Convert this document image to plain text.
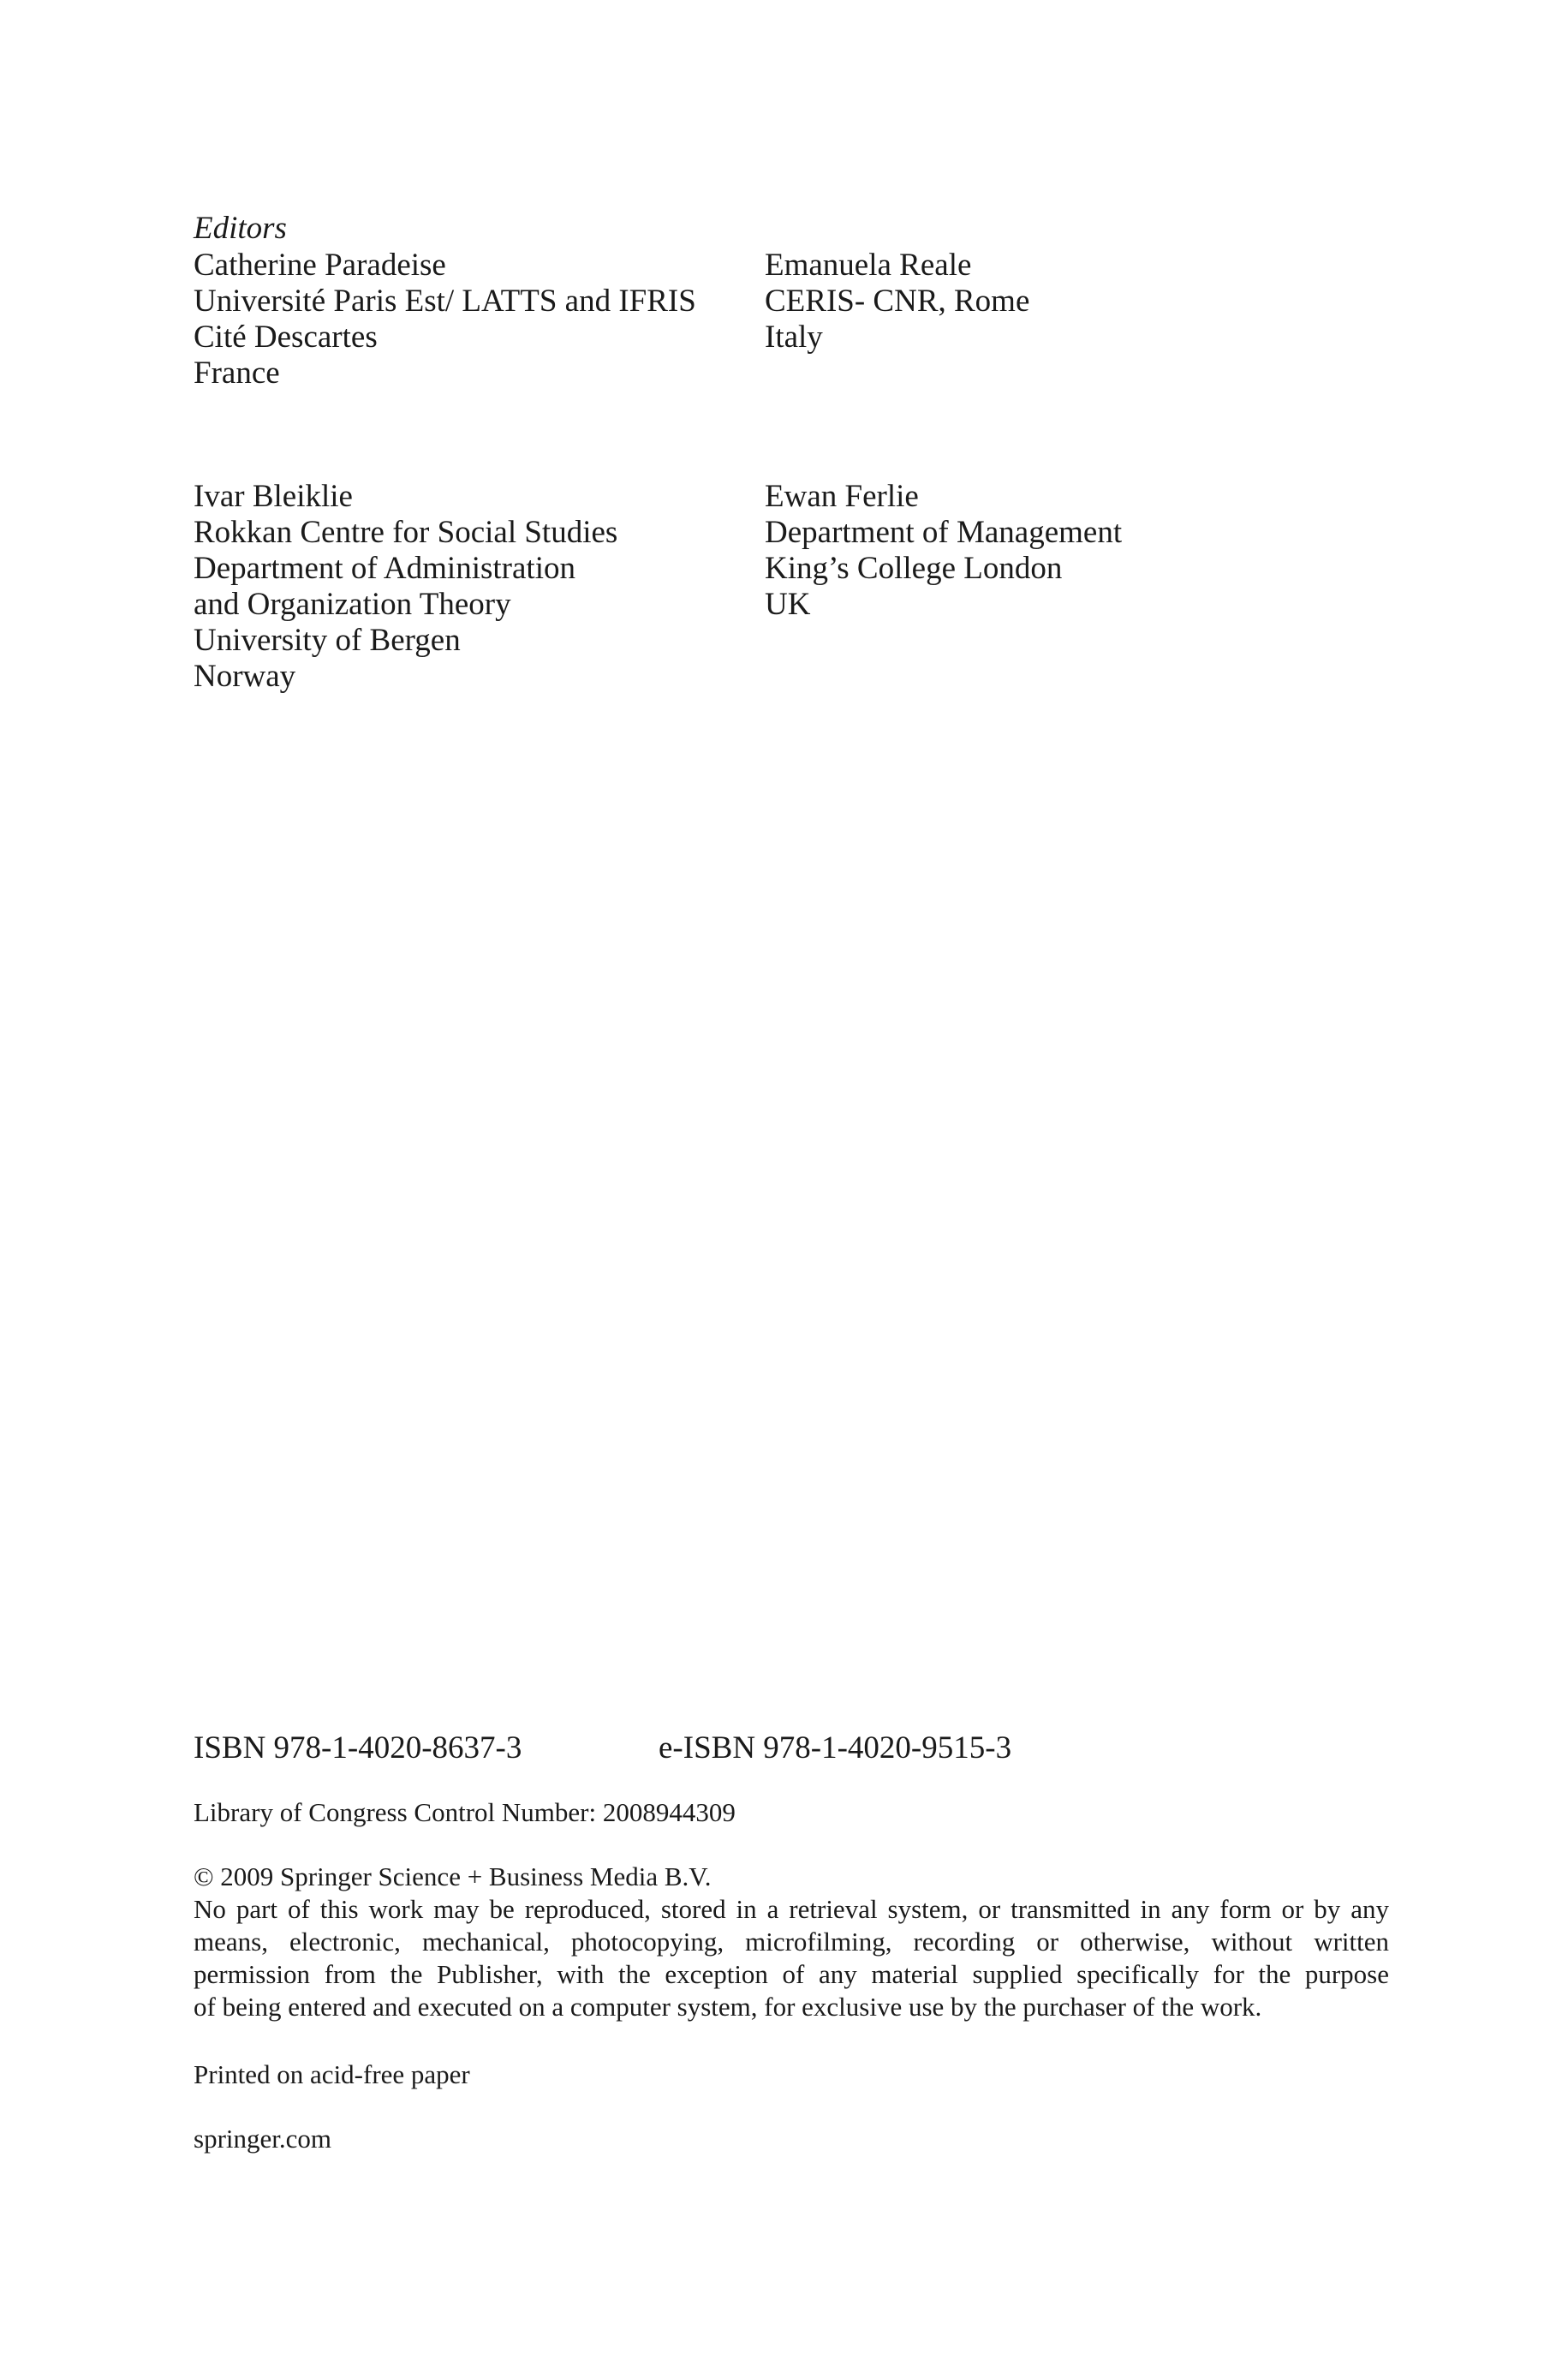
Editors
Catherine Paradeise
Université Paris Est/ LATTS and IFRIS
Cité Descartes
France
Emanuela Reale
CERIS- CNR, Rome
Italy
Ivar Bleiklie
Rokkan Centre for Social Studies
Department of Administration
and Organization Theory
University of Bergen
Norway
Ewan Ferlie
Department of Management
King’s College London
UK
ISBN 978-1-4020-8637-3	e-ISBN 978-1-4020-9515-3
Library of Congress Control Number: 2008944309
© 2009 Springer Science + Business Media B.V.
No part of this work may be reproduced, stored in a retrieval system, or transmitted in any form or by any
means, electronic, mechanical, photocopying, microfilming, recording or otherwise, without written
permission from the Publisher, with the exception of any material supplied specifically for the purpose
of being entered and executed on a computer system, for exclusive use by the purchaser of the work.
Printed on acid-free paper
springer.com
